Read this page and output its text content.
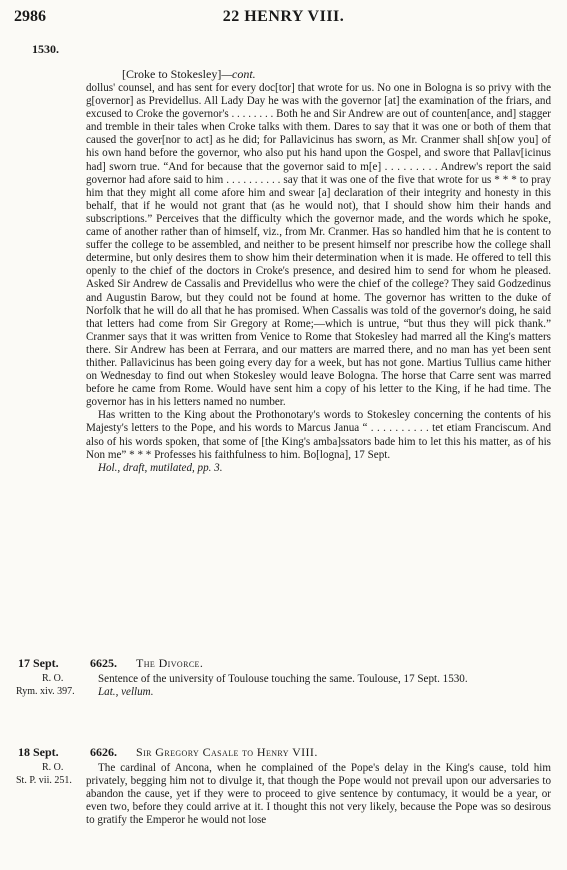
2986	22 HENRY VIII.
1530.
[Croke to Stokesley]—cont.

dollus' counsel, and has sent for every doc[tor] that wrote for us. No one in Bologna is so privy with the g[overnor] as Previdellus. All Lady Day he was with the governor [at] the examination of the friars, and excused to Croke the governor's . . . . . . . . Both he and Sir Andrew are out of counten[ance, and] stagger and tremble in their tales when Croke talks with them. Dares to say that it was one or both of them that caused the gover[nor to act] as he did; for Pallavicinus has sworn, as Mr. Cranmer shall sh[ow you] of his own hand before the governor, who also put his hand upon the Gospel, and swore that Pallav[icinus had] sworn true. “And for because that the governor said to m[e] . . . . . . . . . Andrew's report the said governor had afore said to him . . . . . . . . . . say that it was one of the five that wrote for us * * * to pray him that they might all come afore him and swear [a] declaration of their integrity and honesty in this behalf, that if he would not grant that (as he would not), that I should show him their hands and subscriptions.” Perceives that the difficulty which the governor made, and the words which he spoke, came of another rather than of himself, viz., from Mr. Cranmer. Has so handled him that he is content to suffer the college to be assembled, and neither to be present himself nor prescribe how the college shall determine, but only desires them to show him their determination when it is made. He offered to tell this openly to the chief of the doctors in Croke's presence, and desired him to send for whom he pleased. Asked Sir Andrew de Cassalis and Previdellus who were the chief of the college? They said Godzedinus and Augustin Barow, but they could not be found at home. The governor has written to the duke of Norfolk that he will do all that he has promised. When Cassalis was told of the governor's doing, he said that letters had come from Sir Gregory at Rome;—which is untrue, “but thus they will pick thank.” Cranmer says that it was written from Venice to Rome that Stokesley had marred all the King's matters there. Sir Andrew has been at Ferrara, and our matters are marred there, and no man has yet been sent thither. Pallavicinus has been going every day for a week, but has not gone. Martius Tullius came hither on Wednesday to find out when Stokesley would leave Bologna. The horse that Carre sent was marred before he came from Rome. Would have sent him a copy of his letter to the King, if he had time. The governor has in his letters named no number.

Has written to the King about the Prothonotary's words to Stokesley concerning the contents of his Majesty's letters to the Pope, and his words to Marcus Janua “ . . . . . . . . . . tet etiam Franciscum. And also of his words spoken, that some of [the King's amba]ssators bade him to let this his matter, as of his Non me” * * * Professes his faithfulness to him. Bo[logna], 17 Sept.

Hol., draft, mutilated, pp. 3.

17 Sept.
R. O.
Rym. xiv. 397.
6625. The Divorce.

Sentence of the university of Toulouse touching the same. Toulouse, 17 Sept. 1530.

Lat., vellum.

18 Sept.
R. O.
St. P. vii. 251.
6626. Sir Gregory Casale to Henry VIII.

The cardinal of Ancona, when he complained of the Pope's delay in the King's cause, told him privately, begging him not to divulge it, that though the Pope would not prevail upon our adversaries to abandon the cause, yet if they were to proceed to give sentence by contumacy, it would be a year, or even two, before they could arrive at it. I thought this not very likely, because the Pope was so desirous to gratify the Emperor he would not lose
